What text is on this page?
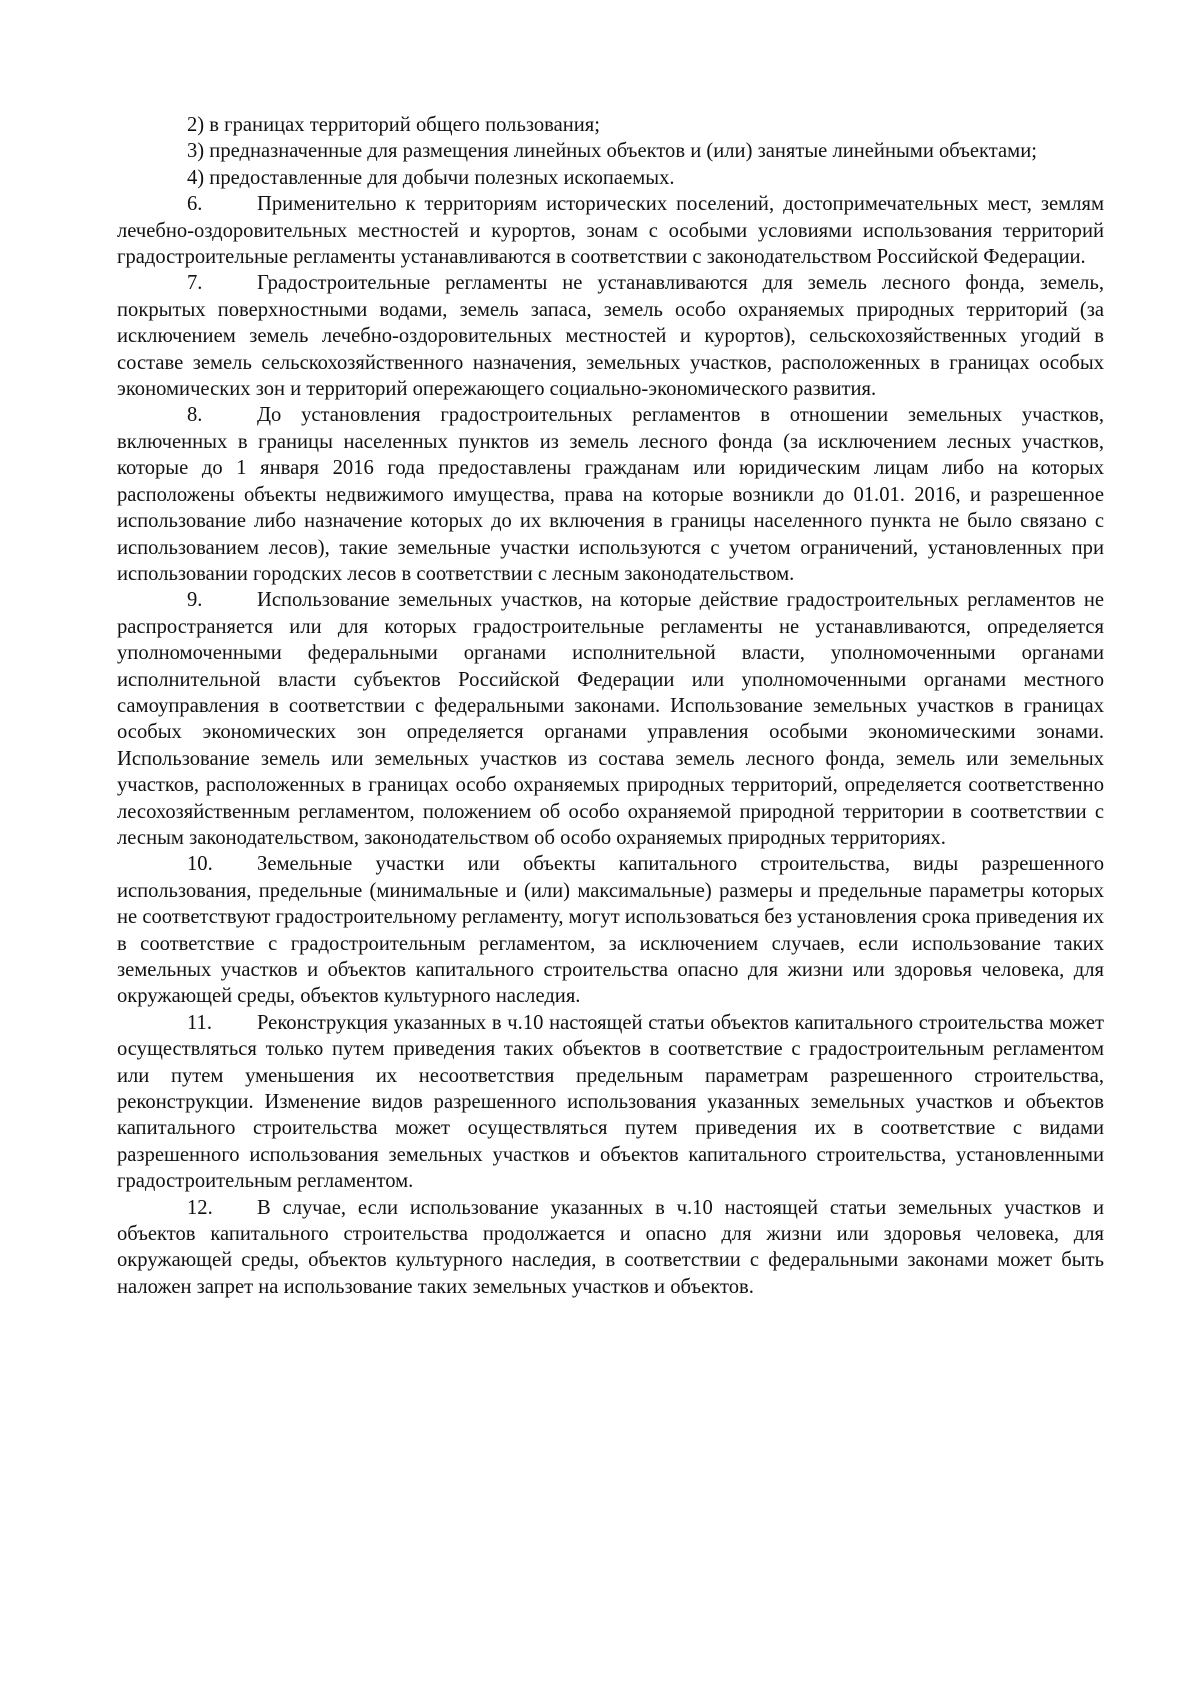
2) в границах территорий общего пользования;

3) предназначенные для размещения линейных объектов и (или) занятые линейными объектами;

4) предоставленные для добычи полезных ископаемых.

6.	Применительно к территориям исторических поселений, достопримечательных мест, землям лечебно-оздоровительных местностей и курортов, зонам с особыми условиями использования территорий градостроительные регламенты устанавливаются в соответствии с законодательством Российской Федерации.

7.	Градостроительные регламенты не устанавливаются для земель лесного фонда, земель, покрытых поверхностными водами, земель запаса, земель особо охраняемых природных территорий (за исключением земель лечебно-оздоровительных местностей и курортов), сельскохозяйственных угодий в составе земель сельскохозяйственного назначения, земельных участков, расположенных в границах особых экономических зон и территорий опережающего социально-экономического развития.

8.	До установления градостроительных регламентов в отношении земельных участков, включенных в границы населенных пунктов из земель лесного фонда (за исключением лесных участков, которые до 1 января 2016 года предоставлены гражданам или юридическим лицам либо на которых расположены объекты недвижимого имущества, права на которые возникли до 01.01. 2016, и разрешенное использование либо назначение которых до их включения в границы населенного пункта не было связано с использованием лесов), такие земельные участки используются с учетом ограничений, установленных при использовании городских лесов в соответствии с лесным законодательством.

9.	Использование земельных участков, на которые действие градостроительных регламентов не распространяется или для которых градостроительные регламенты не устанавливаются, определяется уполномоченными федеральными органами исполнительной власти, уполномоченными органами исполнительной власти субъектов Российской Федерации или уполномоченными органами местного самоуправления в соответствии с федеральными законами. Использование земельных участков в границах особых экономических зон определяется органами управления особыми экономическими зонами. Использование земель или земельных участков из состава земель лесного фонда, земель или земельных участков, расположенных в границах особо охраняемых природных территорий, определяется соответственно лесохозяйственным регламентом, положением об особо охраняемой природной территории в соответствии с лесным законодательством, законодательством об особо охраняемых природных территориях.

10. Земельные участки или объекты капитального строительства, виды разрешенного использования, предельные (минимальные и (или) максимальные) размеры и предельные параметры которых не соответствуют градостроительному регламенту, могут использоваться без установления срока приведения их в соответствие с градостроительным регламентом, за исключением случаев, если использование таких земельных участков и объектов капитального строительства опасно для жизни или здоровья человека, для окружающей среды, объектов культурного наследия.

11. Реконструкция указанных в ч.10 настоящей статьи объектов капитального строительства может осуществляться только путем приведения таких объектов в соответствие с градостроительным регламентом или путем уменьшения их несоответствия предельным параметрам разрешенного строительства, реконструкции. Изменение видов разрешенного использования указанных земельных участков и объектов капитального строительства может осуществляться путем приведения их в соответствие с видами разрешенного использования земельных участков и объектов капитального строительства, установленными градостроительным регламентом.

12. В случае, если использование указанных в ч.10 настоящей статьи земельных участков и объектов капитального строительства продолжается и опасно для жизни или здоровья человека, для окружающей среды, объектов культурного наследия, в соответствии с федеральными законами может быть наложен запрет на использование таких земельных участков и объектов.
